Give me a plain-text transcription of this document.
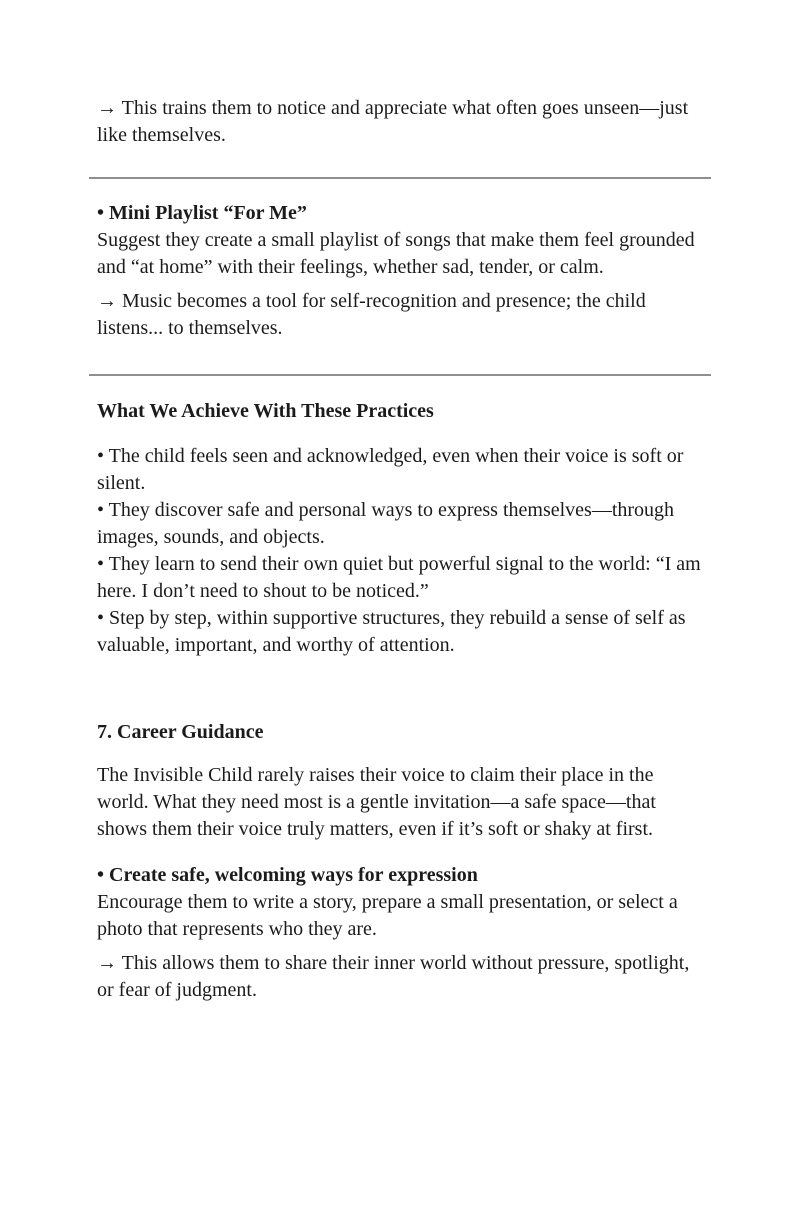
→ This trains them to notice and appreciate what often goes unseen—just like themselves.

• Mini Playlist “For Me”

Suggest they create a small playlist of songs that make them feel grounded and “at home” with their feelings, whether sad, tender, or calm.

→ Music becomes a tool for self-recognition and presence; the child listens... to themselves.

What We Achieve With These Practices

• The child feels seen and acknowledged, even when their voice is soft or silent.

• They discover safe and personal ways to express themselves—through images, sounds, and objects.

• They learn to send their own quiet but powerful signal to the world: “I am here. I don’t need to shout to be noticed.”

• Step by step, within supportive structures, they rebuild a sense of self as valuable, important, and worthy of attention.

7. Career Guidance

The Invisible Child rarely raises their voice to claim their place in the world. What they need most is a gentle invitation—a safe space—that shows them their voice truly matters, even if it’s soft or shaky at first.

• Create safe, welcoming ways for expression

Encourage them to write a story, prepare a small presentation, or select a photo that represents who they are.

→ This allows them to share their inner world without pressure, spotlight, or fear of judgment.
